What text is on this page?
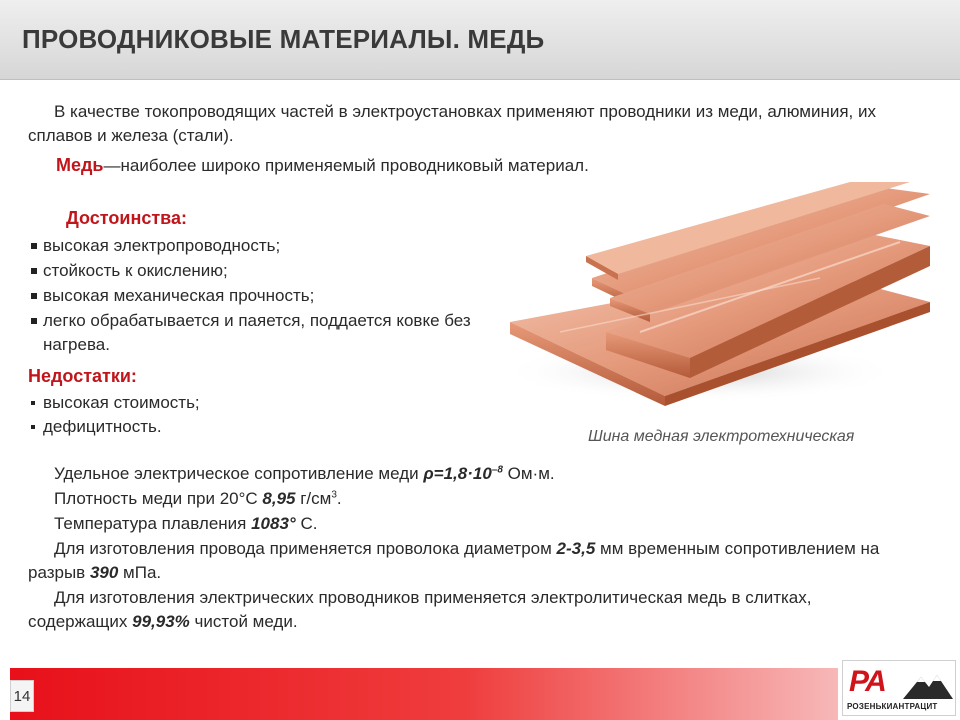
ПРОВОДНИКОВЫЕ МАТЕРИАЛЫ. МЕДЬ

В качестве токопроводящих частей в электроустановках применяют проводники из меди, алюминия, их сплавов и железа (стали).

Медь—наиболее широко применяемый проводниковый материал.

Достоинства:
высокая электропроводность;
стойкость к окислению;
высокая механическая прочность;
легко обрабатывается и паяется, поддается ковке без нагрева.
Недостатки:
высокая стоимость;
дефицитность.
Шина медная электротехническая

Удельное электрическое сопротивление меди $\rho=1,8\cdot 10^{-8}$ Ом·м.

Плотность меди при 20°С 8,95 $г/см^3$.

Температура плавления 1083° С.

Для изготовления провода применяется проволока диаметром 2-3,5 мм временным сопротивлением на разрыв 390 мПа.

Для изготовления электрических проводников применяется электролитическая медь в слитках, содержащих 99,93% чистой меди.

14	РА
РОЗЕНЬКИАНТРАЦИТ
